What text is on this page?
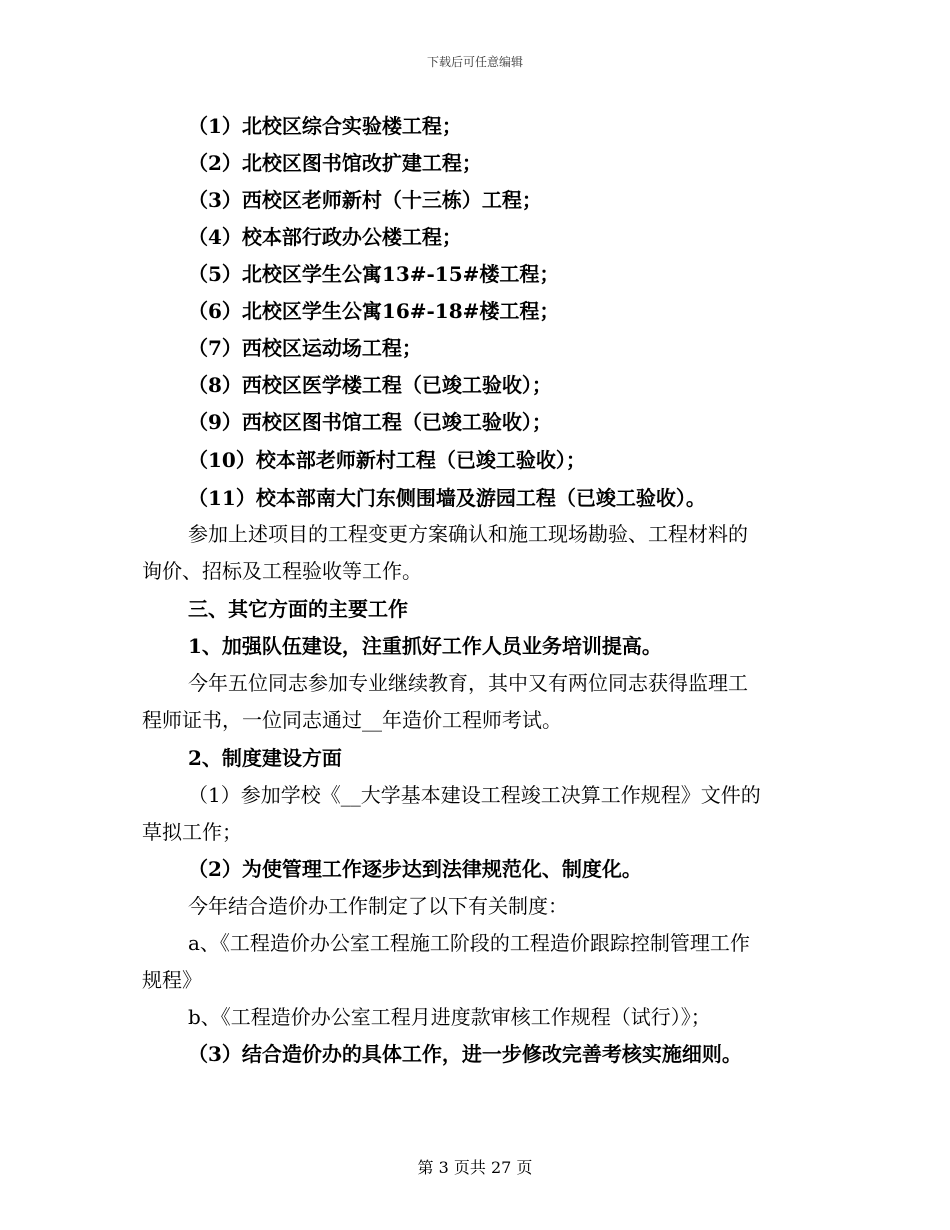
下载后可任意编辑
（1）北校区综合实验楼工程；
（2）北校区图书馆改扩建工程；
（3）西校区老师新村（十三栋）工程；
（4）校本部行政办公楼工程；
（5）北校区学生公寓13#-15#楼工程；
（6）北校区学生公寓16#-18#楼工程；
（7）西校区运动场工程；
（8）西校区医学楼工程（已竣工验收）；
（9）西校区图书馆工程（已竣工验收）；
（10）校本部老师新村工程（已竣工验收）；
（11）校本部南大门东侧围墙及游园工程（已竣工验收）。
参加上述项目的工程变更方案确认和施工现场勘验、工程材料的
询价、招标及工程验收等工作。
三、其它方面的主要工作
1、加强队伍建设，注重抓好工作人员业务培训提高。
今年五位同志参加专业继续教育，其中又有两位同志获得监理工
程师证书，一位同志通过__年造价工程师考试。
2、制度建设方面
（1）参加学校《__大学基本建设工程竣工决算工作规程》文件的
草拟工作；
（2）为使管理工作逐步达到法律规范化、制度化。
今年结合造价办工作制定了以下有关制度：
a、《工程造价办公室工程施工阶段的工程造价跟踪控制管理工作
规程》
b、《工程造价办公室工程月进度款审核工作规程（试行）》；
（3）结合造价办的具体工作，进一步修改完善考核实施细则。
第 3 页共 27 页
